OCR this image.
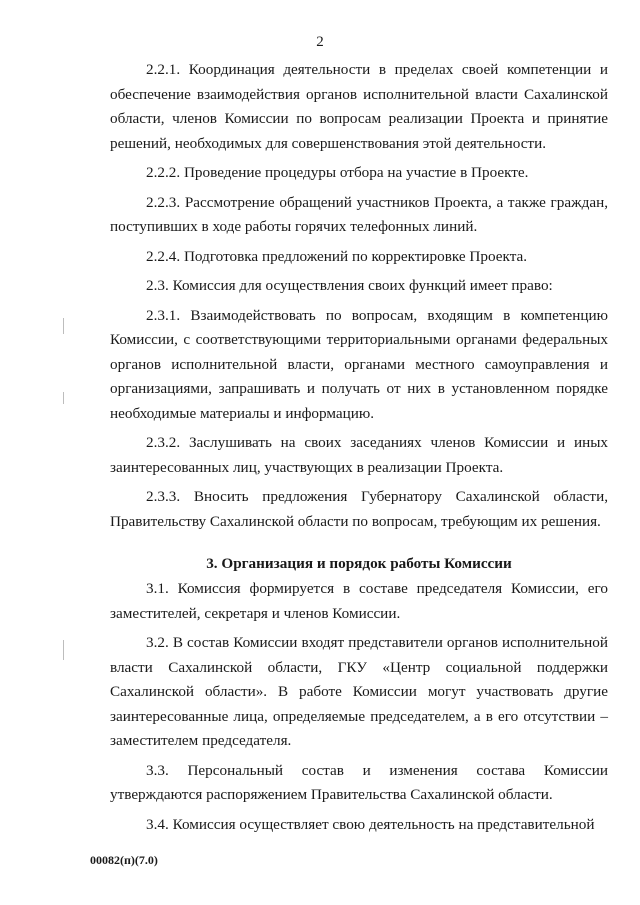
2

2.2.1. Координация деятельности в пределах своей компетенции и обеспечение взаимодействия органов исполнительной власти Сахалинской области, членов Комиссии по вопросам реализации Проекта и принятие решений, необходимых для совершенствования этой деятельности.

2.2.2. Проведение процедуры отбора на участие в Проекте.

2.2.3. Рассмотрение обращений участников Проекта, а также граждан, поступивших в ходе работы горячих телефонных линий.

2.2.4. Подготовка предложений по корректировке Проекта.

2.3. Комиссия для осуществления своих функций имеет право:

2.3.1. Взаимодействовать по вопросам, входящим в компетенцию Комиссии, с соответствующими территориальными органами федеральных органов исполнительной власти, органами местного самоуправления и организациями, запрашивать и получать от них в установленном порядке необходимые материалы и информацию.

2.3.2. Заслушивать на своих заседаниях членов Комиссии и иных заинтересованных лиц, участвующих в реализации Проекта.

2.3.3. Вносить предложения Губернатору Сахалинской области, Правительству Сахалинской области по вопросам, требующим их решения.

3. Организация и порядок работы Комиссии

3.1. Комиссия формируется в составе председателя Комиссии, его заместителей, секретаря и членов Комиссии.

3.2. В состав Комиссии входят представители органов исполнительной власти Сахалинской области, ГКУ «Центр социальной поддержки Сахалинской области». В работе Комиссии могут участвовать другие заинтересованные лица, определяемые председателем, а в его отсутствии – заместителем председателя.

3.3. Персональный состав и изменения состава Комиссии утверждаются распоряжением Правительства Сахалинской области.

3.4. Комиссия осуществляет свою деятельность на представительной

00082(п)(7.0)
